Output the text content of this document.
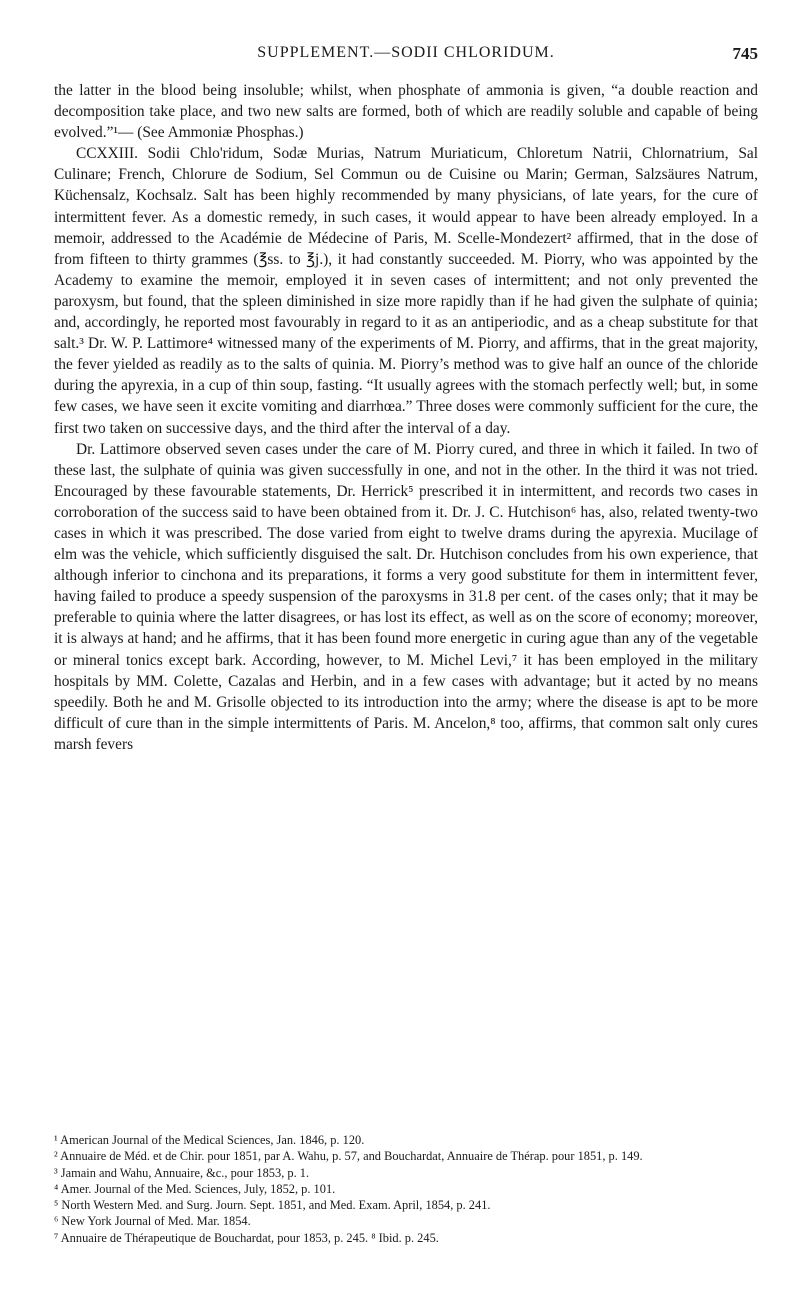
SUPPLEMENT.—SODII CHLORIDUM.	745

the latter in the blood being insoluble; whilst, when phosphate of ammonia is given, “a double reaction and decomposition take place, and two new salts are formed, both of which are readily soluble and capable of being evolved.”¹— (See Ammoniæ Phosphas.)

CCXXIII. Sodii Chlo'ridum, Sodæ Murias, Natrum Muriaticum, Chloretum Natrii, Chlornatrium, Sal Culinare; French, Chlorure de Sodium, Sel Commun ou de Cuisine ou Marin; German, Salzsäures Natrum, Küchensalz, Kochsalz. Salt has been highly recommended by many physicians, of late years, for the cure of intermittent fever. As a domestic remedy, in such cases, it would appear to have been already employed. In a memoir, addressed to the Académie de Médecine of Paris, M. Scelle-Mondezert² affirmed, that in the dose of from fifteen to thirty grammes (℥ss. to ℥j.), it had constantly succeeded. M. Piorry, who was appointed by the Academy to examine the memoir, employed it in seven cases of intermittent; and not only prevented the paroxysm, but found, that the spleen diminished in size more rapidly than if he had given the sulphate of quinia; and, accordingly, he reported most favourably in regard to it as an antiperiodic, and as a cheap substitute for that salt.³ Dr. W. P. Lattimore⁴ witnessed many of the experiments of M. Piorry, and affirms, that in the great majority, the fever yielded as readily as to the salts of quinia. M. Piorry’s method was to give half an ounce of the chloride during the apyrexia, in a cup of thin soup, fasting. “It usually agrees with the stomach perfectly well; but, in some few cases, we have seen it excite vomiting and diarrhœa.” Three doses were commonly sufficient for the cure, the first two taken on successive days, and the third after the interval of a day.

Dr. Lattimore observed seven cases under the care of M. Piorry cured, and three in which it failed. In two of these last, the sulphate of quinia was given successfully in one, and not in the other. In the third it was not tried. Encouraged by these favourable statements, Dr. Herrick⁵ prescribed it in intermittent, and records two cases in corroboration of the success said to have been obtained from it. Dr. J. C. Hutchison⁶ has, also, related twenty-two cases in which it was prescribed. The dose varied from eight to twelve drams during the apyrexia. Mucilage of elm was the vehicle, which sufficiently disguised the salt. Dr. Hutchison concludes from his own experience, that although inferior to cinchona and its preparations, it forms a very good substitute for them in intermittent fever, having failed to produce a speedy suspension of the paroxysms in 31.8 per cent. of the cases only; that it may be preferable to quinia where the latter disagrees, or has lost its effect, as well as on the score of economy; moreover, it is always at hand; and he affirms, that it has been found more energetic in curing ague than any of the vegetable or mineral tonics except bark. According, however, to M. Michel Levi,⁷ it has been employed in the military hospitals by MM. Colette, Cazalas and Herbin, and in a few cases with advantage; but it acted by no means speedily. Both he and M. Grisolle objected to its introduction into the army; where the disease is apt to be more difficult of cure than in the simple intermittents of Paris. M. Ancelon,⁸ too, affirms, that common salt only cures marsh fevers

¹ American Journal of the Medical Sciences, Jan. 1846, p. 120.
² Annuaire de Méd. et de Chir. pour 1851, par A. Wahu, p. 57, and Bouchardat, Annuaire de Thérap. pour 1851, p. 149.
³ Jamain and Wahu, Annuaire, &c., pour 1853, p. 1.
⁴ Amer. Journal of the Med. Sciences, July, 1852, p. 101.
⁵ North Western Med. and Surg. Journ. Sept. 1851, and Med. Exam. April, 1854, p. 241.
⁶ New York Journal of Med. Mar. 1854.
⁷ Annuaire de Thérapeutique de Bouchardat, pour 1853, p. 245. ⁸ Ibid. p. 245.
